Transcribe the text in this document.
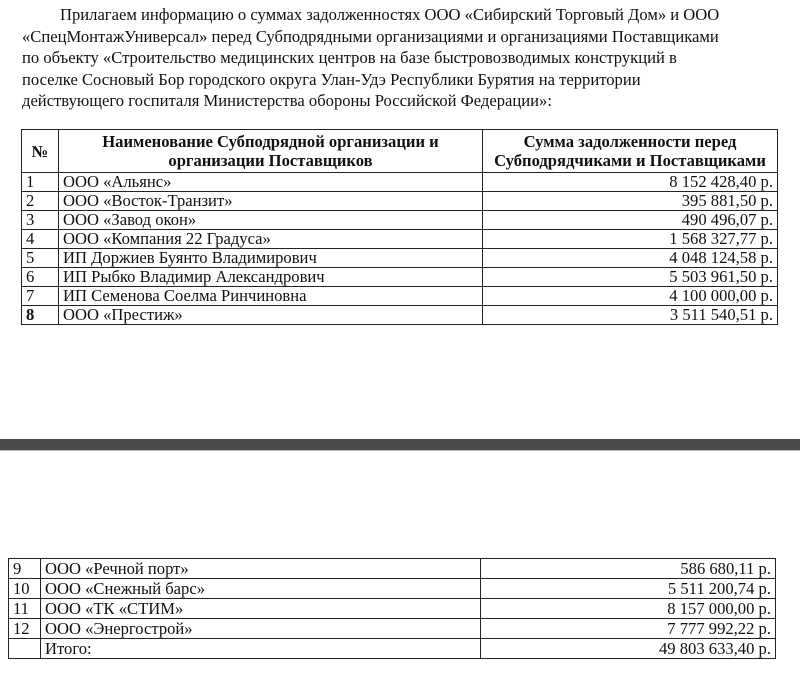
Прилагаем информацию о суммах задолженностях ООО «Сибирский Торговый Дом» и ООО
«СпецМонтажУниверсал» перед Субподрядными организациями и организациями Поставщиками
по объекту «Строительство медицинских центров на базе быстровозводимых конструкций в
поселке Сосновый Бор городского округа Улан-Удэ Республики Бурятия на территории
действующего госпиталя Министерства обороны Российской Федерации»:
№	Наименование Субподрядной организации и организации Поставщиков	Сумма задолженности перед Субподрядчиками и Поставщиками
1	ООО «Альянс»	8 152 428,40 р.
2	ООО «Восток-Транзит»	395 881,50 р.
3	ООО «Завод окон»	490 496,07 р.
4	ООО «Компания 22 Градуса»	1 568 327,77 р.
5	ИП Доржиев Буянто Владимирович	4 048 124,58 р.
6	ИП Рыбко Владимир Александрович	5 503 961,50 р.
7	ИП Семенова Соелма Ринчиновна	4 100 000,00 р.
8	ООО «Престиж»	3 511 540,51 р.
9	ООО «Речной порт»	586 680,11 р.
10	ООО «Снежный барс»	5 511 200,74 р.
11	ООО «ТК «СТИМ»	8 157 000,00 р.
12	ООО «Энергострой»	7 777 992,22 р.
	Итого:	49 803 633,40 р.
